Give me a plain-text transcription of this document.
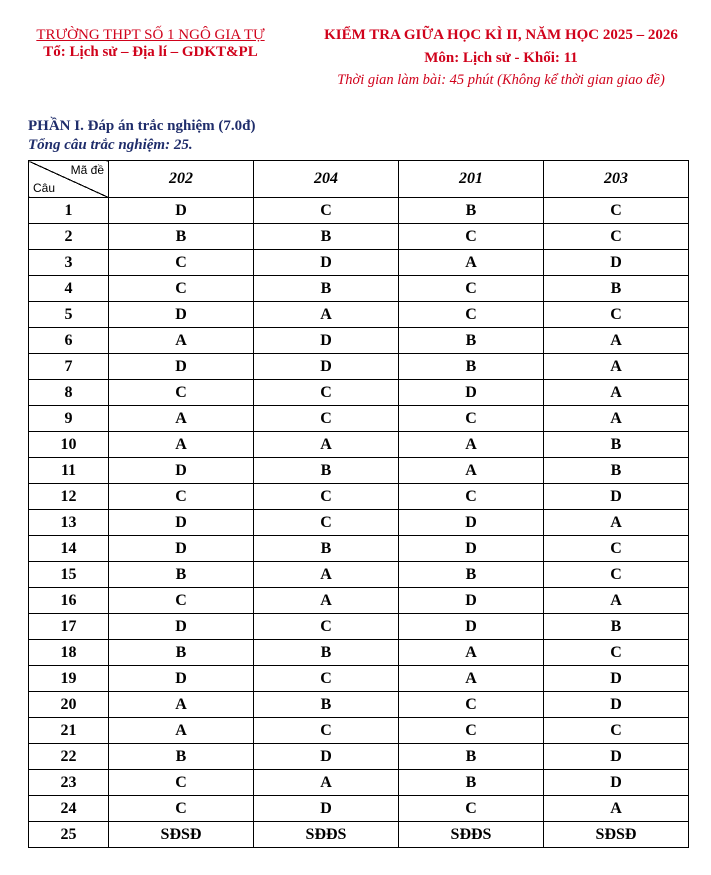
TRƯỜNG THPT SỐ 1 NGÔ GIA TỰ
Tổ: Lịch sử – Địa lí – GDKT&PL
KIỂM TRA GIỮA HỌC KÌ II, NĂM HỌC 2025 – 2026
Môn: Lịch sử - Khối: 11
Thời gian làm bài: 45 phút (Không kể thời gian giao đề)
PHẦN I. Đáp án trắc nghiệm (7.0đ)
Tổng câu trắc nghiệm: 25.
Mã đề
Câu	202	204	201	203
1	D	C	B	C
2	B	B	C	C
3	C	D	A	D
4	C	B	C	B
5	D	A	C	C
6	A	D	B	A
7	D	D	B	A
8	C	C	D	A
9	A	C	C	A
10	A	A	A	B
11	D	B	A	B
12	C	C	C	D
13	D	C	D	A
14	D	B	D	C
15	B	A	B	C
16	C	A	D	A
17	D	C	D	B
18	B	B	A	C
19	D	C	A	D
20	A	B	C	D
21	A	C	C	C
22	B	D	B	D
23	C	A	B	D
24	C	D	C	A
25	SĐSĐ	SĐĐS	SĐĐS	SĐSĐ
